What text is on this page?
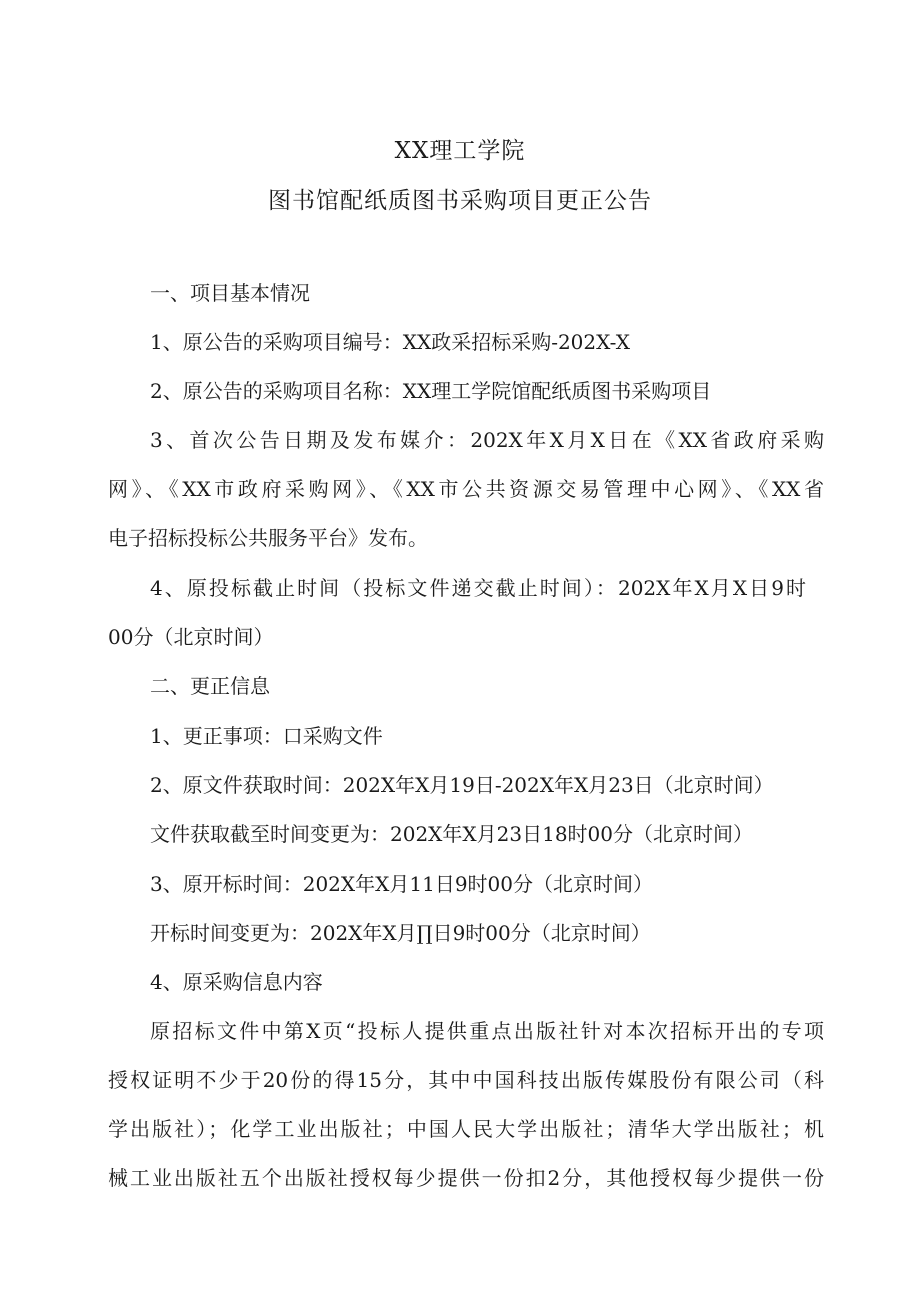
XX理工学院
图书馆配纸质图书采购项目更正公告
一、项目基本情况
1、原公告的采购项目编号：XX政采招标采购-202X-X
2、原公告的采购项目名称：XX理工学院馆配纸质图书采购项目
3、首次公告日期及发布媒介：202X年X月X日在《XX省政府采购
网》、《XX市政府采购网》、《XX市公共资源交易管理中心网》、《XX省
电子招标投标公共服务平台》发布。
4、原投标截止时间（投标文件递交截止时间）：202X年X月X日9时
00分（北京时间）
二、更正信息
1、更正事项：口采购文件
2、原文件获取时间：202X年X月19日-202X年X月23日（北京时间）
文件获取截至时间变更为：202X年X月23日18时00分（北京时间）
3、原开标时间：202X年X月11日9时00分（北京时间）
开标时间变更为：202X年X月∏日9时00分（北京时间）
4、原采购信息内容
原招标文件中第X页“投标人提供重点出版社针对本次招标开出的专项
授权证明不少于20份的得15分，其中中国科技出版传媒股份有限公司（科
学出版社）；化学工业出版社；中国人民大学出版社；清华大学出版社；机
械工业出版社五个出版社授权每少提供一份扣2分，其他授权每少提供一份
